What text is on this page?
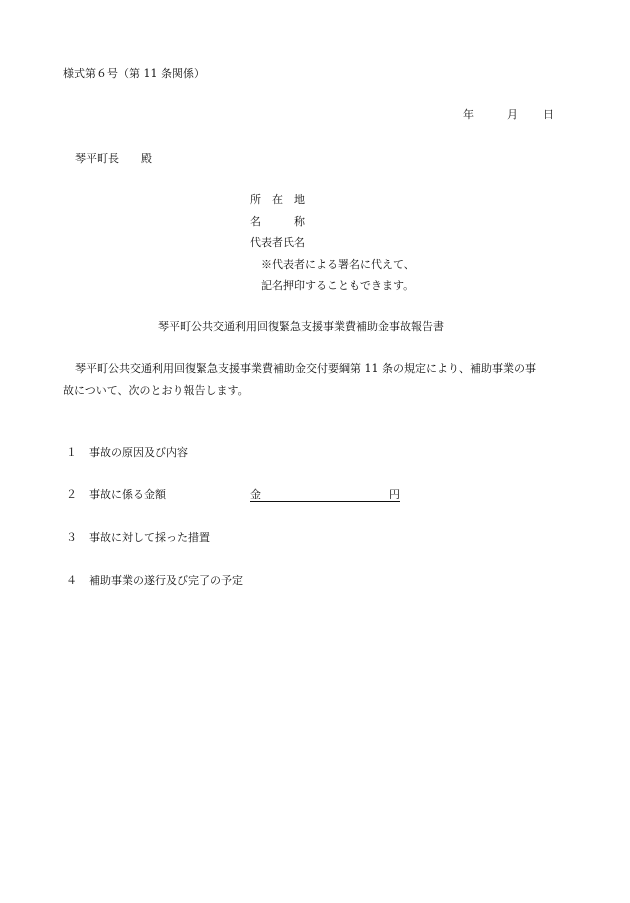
様式第６号（第 11 条関係）
年	月 日
琴平町長 殿
所　在　地
名　　　称
代表者氏名
※代表者による署名に代えて、
記名押印することもできます。
琴平町公共交通利用回復緊急支援事業費補助金事故報告書
琴平町公共交通利用回復緊急支援事業費補助金交付要綱第 11 条の規定により、補助事業の事
故について、次のとおり報告します。
１ 事故の原因及び内容
２ 事故に係る金額	金	円
３ 事故に対して採った措置
４ 補助事業の遂行及び完了の予定
